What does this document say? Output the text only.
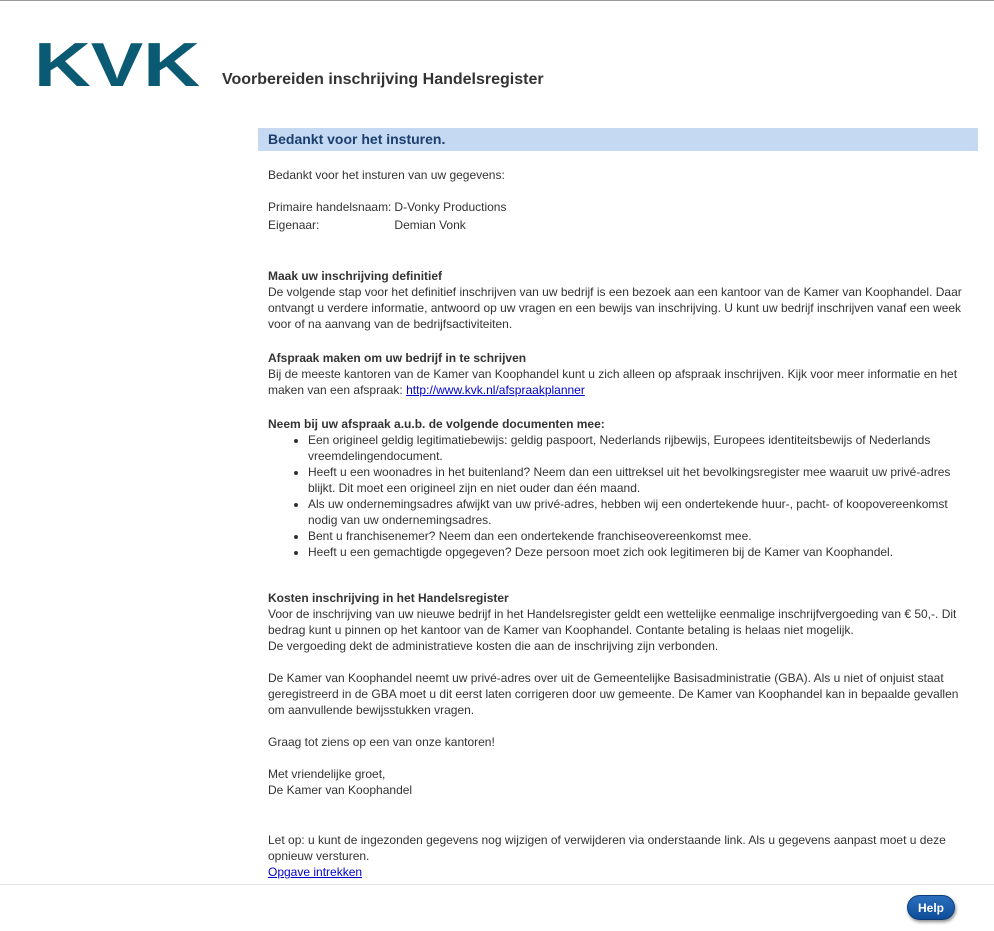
KVK Voorbereiden inschrijving Handelsregister
Bedankt voor het insturen.

Bedankt voor het insturen van uw gegevens:

Primaire handelsnaam:	D-Vonky Productions
Eigenaar:	Demian Vonk

Maak uw inschrijving definitief

De volgende stap voor het definitief inschrijven van uw bedrijf is een bezoek aan een kantoor van de Kamer van Koophandel. Daar ontvangt u verdere informatie, antwoord op uw vragen en een bewijs van inschrijving. U kunt uw bedrijf inschrijven vanaf een week voor of na aanvang van de bedrijfsactiviteiten.

Afspraak maken om uw bedrijf in te schrijven

Bij de meeste kantoren van de Kamer van Koophandel kunt u zich alleen op afspraak inschrijven. Kijk voor meer informatie en het maken van een afspraak: http://www.kvk.nl/afspraakplanner

Neem bij uw afspraak a.u.b. de volgende documenten mee:

• Een origineel geldig legitimatiebewijs: geldig paspoort, Nederlands rijbewijs, Europees identiteitsbewijs of Nederlands vreemdelingendocument.
• Heeft u een woonadres in het buitenland? Neem dan een uittreksel uit het bevolkingsregister mee waaruit uw privé-adres blijkt. Dit moet een origineel zijn en niet ouder dan één maand.
• Als uw ondernemingsadres afwijkt van uw privé-adres, hebben wij een ondertekende huur-, pacht- of koopovereenkomst nodig van uw ondernemingsadres.
• Bent u franchisenemer? Neem dan een ondertekende franchiseovereenkomst mee.
• Heeft u een gemachtigde opgegeven? Deze persoon moet zich ook legitimeren bij de Kamer van Koophandel.

Kosten inschrijving in het Handelsregister

Voor de inschrijving van uw nieuwe bedrijf in het Handelsregister geldt een wettelijke eenmalige inschrijfvergoeding van € 50,-. Dit bedrag kunt u pinnen op het kantoor van de Kamer van Koophandel. Contante betaling is helaas niet mogelijk.

De vergoeding dekt de administratieve kosten die aan de inschrijving zijn verbonden.

De Kamer van Koophandel neemt uw privé-adres over uit de Gemeentelijke Basisadministratie (GBA). Als u niet of onjuist staat geregistreerd in de GBA moet u dit eerst laten corrigeren door uw gemeente. De Kamer van Koophandel kan in bepaalde gevallen om aanvullende bewijsstukken vragen.

Graag tot ziens op een van onze kantoren!

Met vriendelijke groet,

De Kamer van Koophandel

Let op: u kunt de ingezonden gegevens nog wijzigen of verwijderen via onderstaande link. Als u gegevens aanpast moet u deze opnieuw versturen.

Opgave intrekken

Help
